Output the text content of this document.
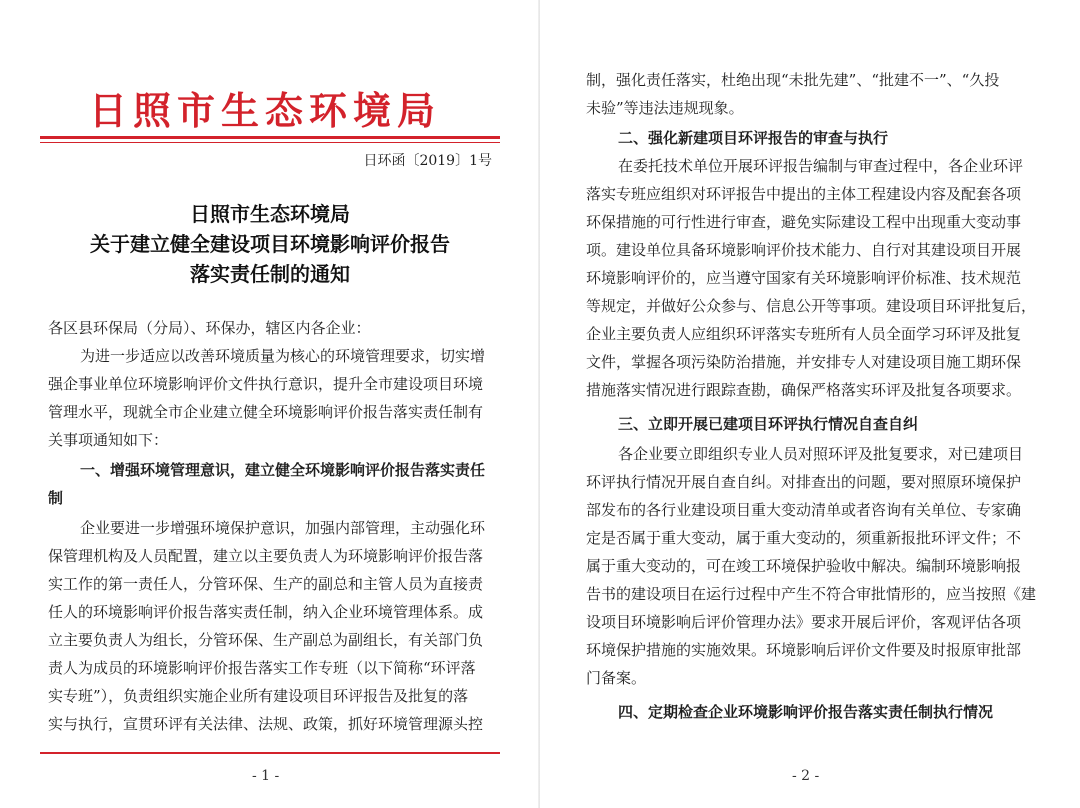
日照市生态环境局
日环函〔2019〕1号
日照市生态环境局
关于建立健全建设项目环境影响评价报告
落实责任制的通知
各区县环保局（分局）、环保办，辖区内各企业：
为进一步适应以改善环境质量为核心的环境管理要求，切实增
强企事业单位环境影响评价文件执行意识，提升全市建设项目环境
管理水平，现就全市企业建立健全环境影响评价报告落实责任制有
关事项通知如下：
一、增强环境管理意识，建立健全环境影响评价报告落实责任
制
企业要进一步增强环境保护意识，加强内部管理，主动强化环
保管理机构及人员配置，建立以主要负责人为环境影响评价报告落
实工作的第一责任人，分管环保、生产的副总和主管人员为直接责
任人的环境影响评价报告落实责任制，纳入企业环境管理体系。成
立主要负责人为组长，分管环保、生产副总为副组长，有关部门负
责人为成员的环境影响评价报告落实工作专班（以下简称“环评落
实专班”），负责组织实施企业所有建设项目环评报告及批复的落
实与执行，宣贯环评有关法律、法规、政策，抓好环境管理源头控
- 1 -
制，强化责任落实，杜绝出现“未批先建”、“批建不一”、“久投
未验”等违法违规现象。
二、强化新建项目环评报告的审查与执行
在委托技术单位开展环评报告编制与审查过程中，各企业环评
落实专班应组织对环评报告中提出的主体工程建设内容及配套各项
环保措施的可行性进行审查，避免实际建设工程中出现重大变动事
项。建设单位具备环境影响评价技术能力、自行对其建设项目开展
环境影响评价的，应当遵守国家有关环境影响评价标准、技术规范
等规定，并做好公众参与、信息公开等事项。建设项目环评批复后，
企业主要负责人应组织环评落实专班所有人员全面学习环评及批复
文件，掌握各项污染防治措施，并安排专人对建设项目施工期环保
措施落实情况进行跟踪查勘，确保严格落实环评及批复各项要求。
三、立即开展已建项目环评执行情况自查自纠
各企业要立即组织专业人员对照环评及批复要求，对已建项目
环评执行情况开展自查自纠。对排查出的问题，要对照原环境保护
部发布的各行业建设项目重大变动清单或者咨询有关单位、专家确
定是否属于重大变动，属于重大变动的，须重新报批环评文件；不
属于重大变动的，可在竣工环境保护验收中解决。编制环境影响报
告书的建设项目在运行过程中产生不符合审批情形的，应当按照《建
设项目环境影响后评价管理办法》要求开展后评价，客观评估各项
环境保护措施的实施效果。环境影响后评价文件要及时报原审批部
门备案。
四、定期检查企业环境影响评价报告落实责任制执行情况
- 2 -
